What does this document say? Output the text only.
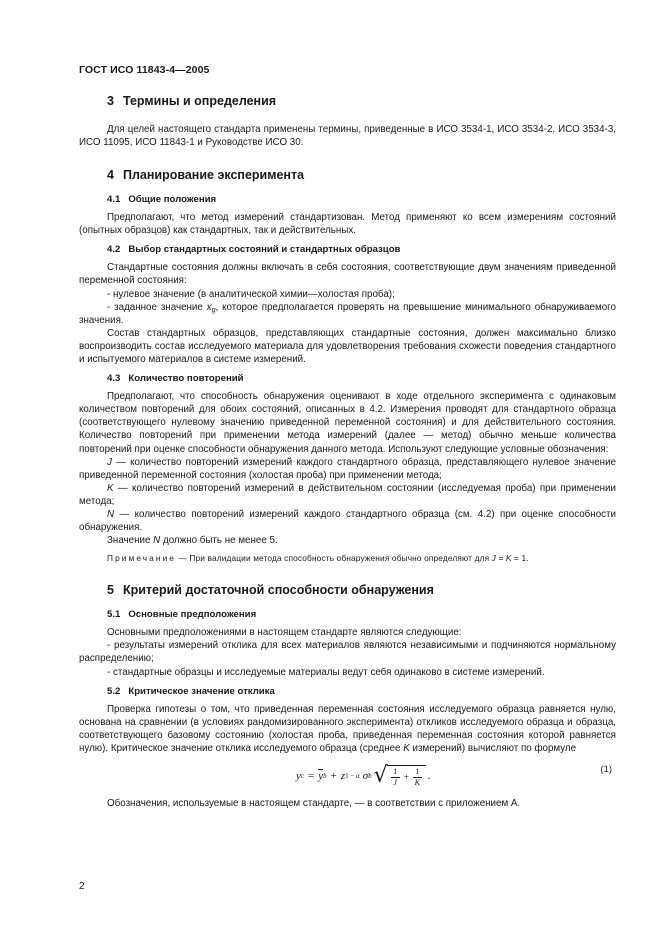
ГОСТ ИСО 11843-4—2005
3 Термины и определения

Для целей настоящего стандарта применены термины, приведенные в ИСО 3534-1, ИСО 3534-2, ИСО 3534-3, ИСО 11095, ИСО 11843-1 и Руководстве ИСО 30.

4 Планирование эксперимента
4.1 Общие положения

Предполагают, что метод измерений стандартизован. Метод применяют ко всем измерениям состояний (опытных образцов) как стандартных, так и действительных.

4.2 Выбор стандартных состояний и стандартных образцов

Стандартные состояния должны включать в себя состояния, соответствующие двум значениям приведенной переменной состояния:

- нулевое значение (в аналитической химии—холостая проба);

- заданное значение $x_g$, которое предполагается проверять на превышение минимального обнаруживаемого значения.

Состав стандартных образцов, представляющих стандартные состояния, должен максимально близко воспроизводить состав исследуемого материала для удовлетворения требования схожести поведения стандартного и испытуемого материалов в системе измерений.

4.3 Количество повторений

Предполагают, что способность обнаружения оценивают в ходе отдельного эксперимента с одинаковым количеством повторений для обоих состояний, описанных в 4.2. Измерения проводят для стандартного образца (соответствующего нулевому значению приведенной переменной состояния) и для действительного состояния. Количество повторений при применении метода измерений (далее — метод) обычно меньше количества повторений при оценке способности обнаружения данного метода. Используют следующие условные обозначения:

J — количество повторений измерений каждого стандартного образца, представляющего нулевое значение приведенной переменной состояния (холостая проба) при применении метода;

K — количество повторений измерений в действительном состоянии (исследуемая проба) при применении метода;

N — количество повторений измерений каждого стандартного образца (см. 4.2) при оценке способности обнаружения.

Значение N должно быть не менее 5.

Примечание — При валидации метода способность обнаружения обычно определяют для J = K = 1.

5 Критерий достаточной способности обнаружения
5.1 Основные предположения

Основными предположениями в настоящем стандарте являются следующие:

- результаты измерений отклика для всех материалов являются независимыми и подчиняются нормальному распределению;

- стандартные образцы и исследуемые материалы ведут себя одинаково в системе измерений.

5.2 Критическое значение отклика

Проверка гипотезы о том, что приведенная переменная состояния исследуемого образца равняется нулю, основана на сравнении (в условиях рандомизированного эксперимента) откликов исследуемого образца и образца, соответствующего базовому состоянию (холостая проба, приведенная переменная состояния которой равняется нулю). Критическое значение отклика исследуемого образца (среднее K измерений) вычисляют по формуле

y $c = \overline{y}$ b + z 1 − α σ b √ $\frac{1}{J} + \frac{1}{K}$ .
(1)

Обозначения, используемые в настоящем стандарте, — в соответствии с приложением А.

2
